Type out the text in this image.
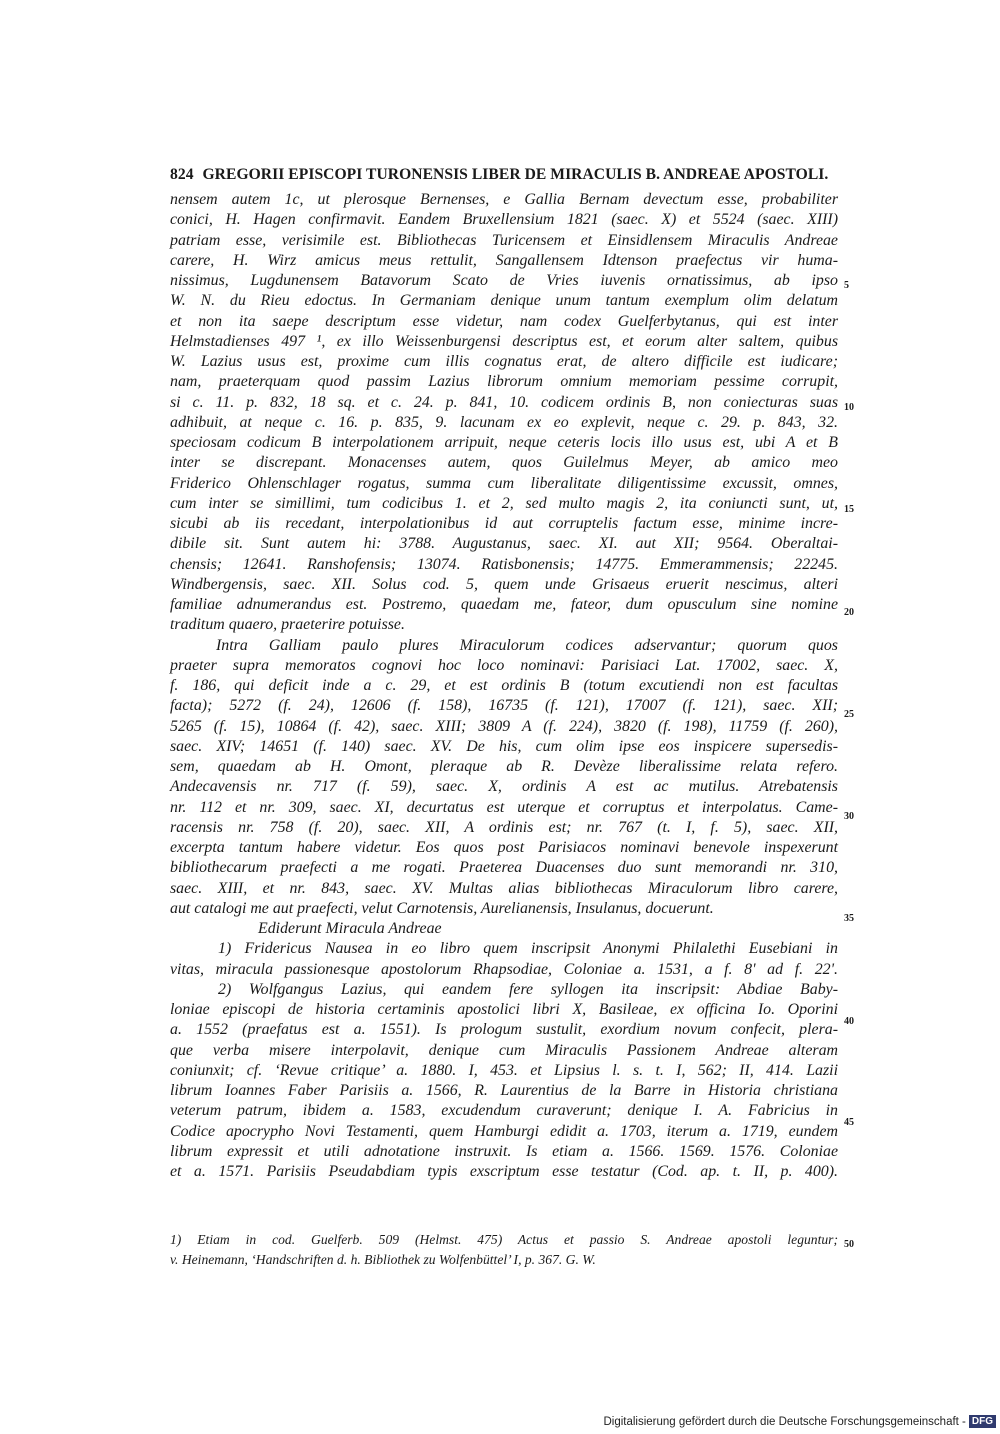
824 GREGORII EPISCOPI TURONENSIS LIBER DE MIRACULIS B. ANDREAE APOSTOLI.
nensem autem 1c, ut plerosque Bernenses, e Gallia Bernam devectum esse, probabiliter
conici, H. Hagen confirmavit. Eandem Bruxellensium 1821 (saec. X) et 5524 (saec. XIII)
patriam esse, verisimile est. Bibliothecas Turicensem et Einsidlensem Miraculis Andreae
carere, H. Wirz amicus meus rettulit, Sangallensem Idtenson praefectus vir huma-
nissimus, Lugdunensem Batavorum Scato de Vries iuvenis ornatissimus, ab ipso
W. N. du Rieu edoctus. In Germaniam denique unum tantum exemplum olim delatum
et non ita saepe descriptum esse videtur, nam codex Guelferbytanus, qui est inter
Helmstadienses 497 ¹, ex illo Weissenburgensi descriptus est, et eorum alter saltem, quibus
W. Lazius usus est, proxime cum illis cognatus erat, de altero difficile est iudicare;
nam, praeterquam quod passim Lazius librorum omnium memoriam pessime corrupit,
si c. 11. p. 832, 18 sq. et c. 24. p. 841, 10. codicem ordinis B, non coniecturas suas
adhibuit, at neque c. 16. p. 835, 9. lacunam ex eo explevit, neque c. 29. p. 843, 32.
speciosam codicum B interpolationem arripuit, neque ceteris locis illo usus est, ubi A et B
inter se discrepant. Monacenses autem, quos Guilelmus Meyer, ab amico meo
Friderico Ohlenschlager rogatus, summa cum liberalitate diligentissime excussit, omnes,
cum inter se simillimi, tum codicibus 1. et 2, sed multo magis 2, ita coniuncti sunt, ut,
sicubi ab iis recedant, interpolationibus id aut corruptelis factum esse, minime incre-
dibile sit. Sunt autem hi: 3788. Augustanus, saec. XI. aut XII; 9564. Oberaltai-
chensis; 12641. Ranshofensis; 13074. Ratisbonensis; 14775. Emmerammensis; 22245.
Windbergensis, saec. XII. Solus cod. 5, quem unde Grisaeus eruerit nescimus, alteri
familiae adnumerandus est. Postremo, quaedam me, fateor, dum opusculum sine nomine
traditum quaero, praeterire potuisse.
Intra Galliam paulo plures Miraculorum codices adservantur; quorum quos
praeter supra memoratos cognovi hoc loco nominavi: Parisiaci Lat. 17002, saec. X,
f. 186, qui deficit inde a c. 29, et est ordinis B (totum excutiendi non est facultas
facta); 5272 (f. 24), 12606 (f. 158), 16735 (f. 121), 17007 (f. 121), saec. XII;
5265 (f. 15), 10864 (f. 42), saec. XIII; 3809 A (f. 224), 3820 (f. 198), 11759 (f. 260),
saec. XIV; 14651 (f. 140) saec. XV. De his, cum olim ipse eos inspicere supersedis-
sem, quaedam ab H. Omont, pleraque ab R. Devèze liberalissime relata refero.
Andecavensis nr. 717 (f. 59), saec. X, ordinis A est ac mutilus. Atrebatensis
nr. 112 et nr. 309, saec. XI, decurtatus est uterque et corruptus et interpolatus. Came-
racensis nr. 758 (f. 20), saec. XII, A ordinis est; nr. 767 (t. I, f. 5), saec. XII,
excerpta tantum habere videtur. Eos quos post Parisiacos nominavi benevole inspexerunt
bibliothecarum praefecti a me rogati. Praeterea Duacenses duo sunt memorandi nr. 310,
saec. XIII, et nr. 843, saec. XV. Multas alias bibliothecas Miraculorum libro carere,
aut catalogi me aut praefecti, velut Carnotensis, Aurelianensis, Insulanus, docuerunt.
Ediderunt Miracula Andreae
1) Fridericus Nausea in eo libro quem inscripsit Anonymi Philalethi Eusebiani in
vitas, miracula passionesque apostolorum Rhapsodiae, Coloniae a. 1531, a f. 8' ad f. 22'.
2) Wolfgangus Lazius, qui eandem fere syllogen ita inscripsit: Abdiae Baby-
loniae episcopi de historia certaminis apostolici libri X, Basileae, ex officina Io. Oporini
a. 1552 (praefatus est a. 1551). Is prologum sustulit, exordium novum confecit, plera-
que verba misere interpolavit, denique cum Miraculis Passionem Andreae alteram
coniunxit; cf. ‘Revue critique’ a. 1880. I, 453. et Lipsius l. s. t. I, 562; II, 414. Lazii
librum Ioannes Faber Parisiis a. 1566, R. Laurentius de la Barre in Historia christiana
veterum patrum, ibidem a. 1583, excudendum curaverunt; denique I. A. Fabricius in
Codice apocrypho Novi Testamenti, quem Hamburgi edidit a. 1703, iterum a. 1719, eundem
librum expressit et utili adnotatione instruxit. Is etiam a. 1566. 1569. 1576. Coloniae
et a. 1571. Parisiis Pseudabdiam typis exscriptum esse testatur (Cod. ap. t. II, p. 400).
5
10
15
20
25
30
35
40
45
1) Etiam in cod. Guelferb. 509 (Helmst. 475) Actus et passio S. Andreae apostoli leguntur;
v. Heinemann, ‘Handschriften d. h. Bibliothek zu Wolfenbüttel’ I, p. 367. G. W.
50
Digitalisierung gefördert durch die Deutsche Forschungsgemeinschaft - DFG
